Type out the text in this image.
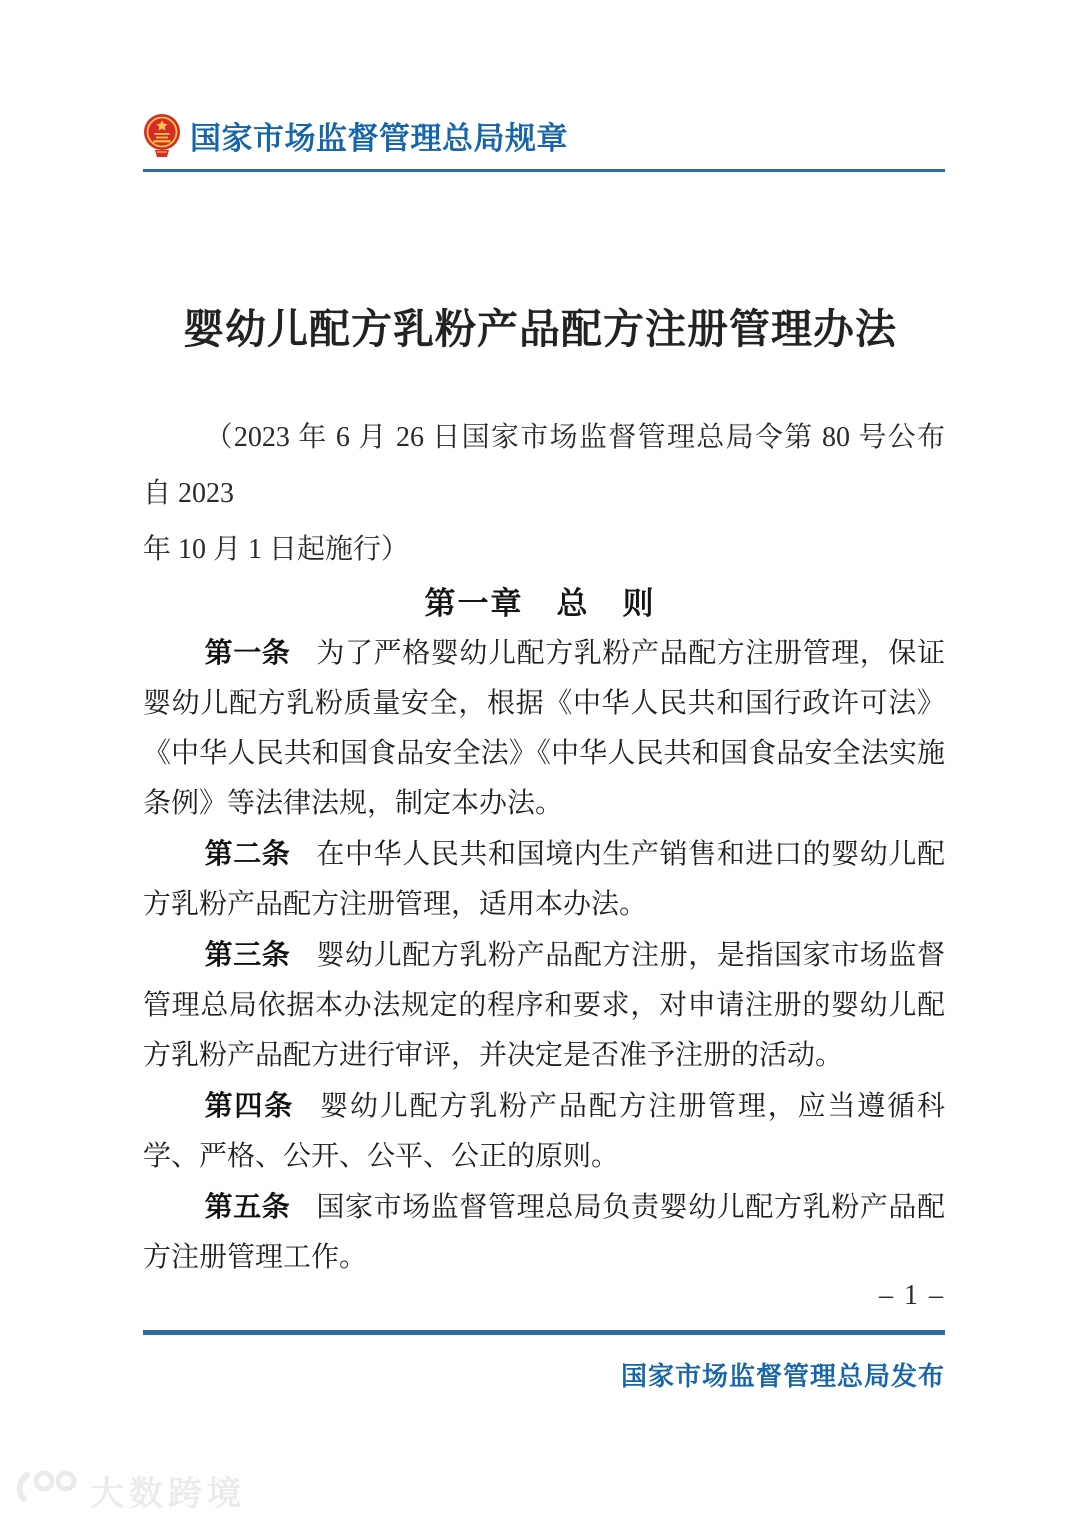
国家市场监督管理总局规章
婴幼儿配方乳粉产品配方注册管理办法

（2023 年 6 月 26 日国家市场监督管理总局令第 80 号公布　自 2023
年 10 月 1 日起施行）

第一章　总　则

第一条 为了严格婴幼儿配方乳粉产品配方注册管理，保证婴幼儿配方乳粉质量安全，根据《中华人民共和国行政许可法》《中华人民共和国食品安全法》《中华人民共和国食品安全法实施条例》等法律法规，制定本办法。

第二条 在中华人民共和国境内生产销售和进口的婴幼儿配方乳粉产品配方注册管理，适用本办法。

第三条 婴幼儿配方乳粉产品配方注册，是指国家市场监督管理总局依据本办法规定的程序和要求，对申请注册的婴幼儿配方乳粉产品配方进行审评，并决定是否准予注册的活动。

第四条 婴幼儿配方乳粉产品配方注册管理，应当遵循科学、严格、公开、公平、公正的原则。

第五条 国家市场监督管理总局负责婴幼儿配方乳粉产品配方注册管理工作。

– 1 –
国家市场监督管理总局发布
大数跨境
